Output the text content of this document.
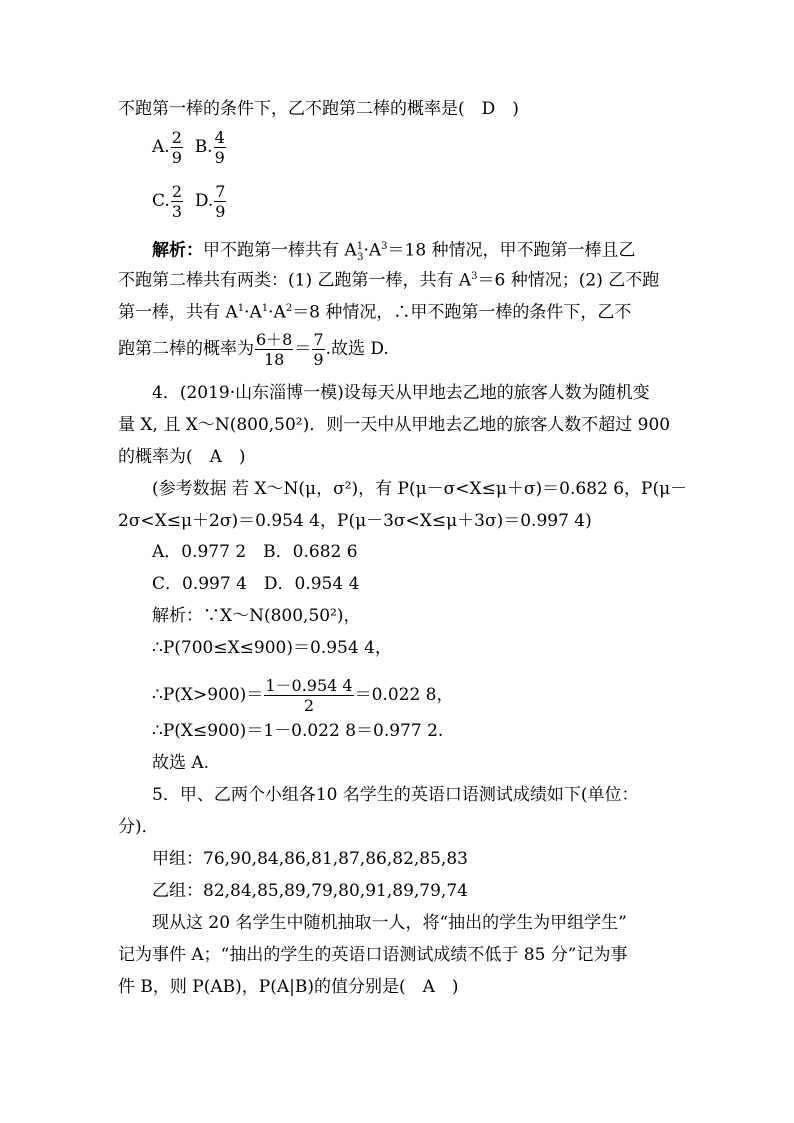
不跑第一棒的条件下，乙不跑第二棒的概率是(　D　)
A. $\frac{2}{9} B$. $\frac{4}{9}$
C. $\frac{2}{3} D$. $\frac{7}{9}$
解析：甲不跑第一棒共有 $A^1_3\cdot A^3=18$ 种情况，甲不跑第一棒且乙
不跑第二棒共有两类：(1) 乙跑第一棒，共有 $A^3=6$ 种情况；(2) 乙不跑
第一棒，共有 $A^1\cdot A^1\cdot A^2=8$ 种情况，∴甲不跑第一棒的条件下，乙不
跑第二棒的概率为 $\frac{6+8}{18} = \frac{7}{9}$ .故选 D.
4．(2019·山东淄博一模)设每天从甲地去乙地的旅客人数为随机变
量 X, 且 X～N(800,50²)．则一天中从甲地去乙地的旅客人数不超过 900
的概率为(　A　)
(参考数据 若 X～N(μ，σ²)，有 P(μ－σ<X≤μ＋σ)＝0.682 6，P(μ－
2σ<X≤μ＋2σ)＝0.954 4，P(μ－3σ<X≤μ＋3σ)＝0.997 4)
A．0.977 2　B．0.682 6
C．0.997 4　D．0.954 4
解析：∵X～N(800,50²)，
∴P(700≤X≤900)＝0.954 4，
∴P(X>900)＝ $\frac{1-0.954 4}{2} =0.022$ 8，
∴P(X≤900)＝1－0.022 8＝0.977 2.
故选 A.
5．甲、乙两个小组各10 名学生的英语口语测试成绩如下(单位：
分)．
甲组：76,90,84,86,81,87,86,82,85,83
乙组：82,84,85,89,79,80,91,89,79,74
现从这 20 名学生中随机抽取一人，将“抽出的学生为甲组学生”
记为事件 A；“抽出的学生的英语口语测试成绩不低于 85 分”记为事
件 B，则 P(AB)，P(A|B)的值分别是(　A　)
